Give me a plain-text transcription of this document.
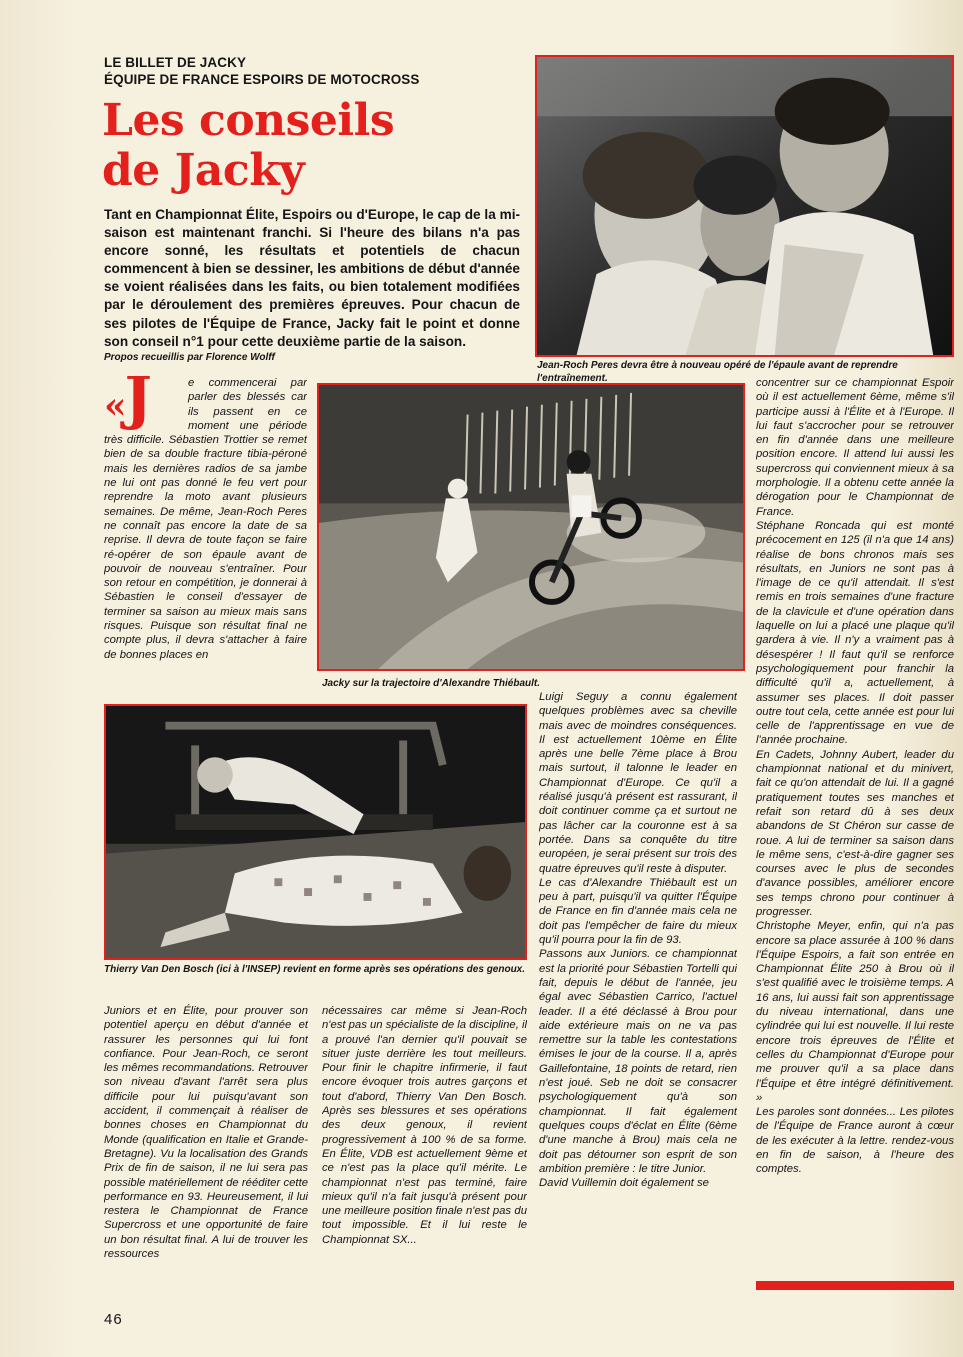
LE BILLET DE JACKY
ÉQUIPE DE FRANCE ESPOIRS DE MOTOCROSS
Les conseils
de Jacky

Tant en Championnat Élite, Espoirs ou d'Europe, le cap de la mi-saison est maintenant franchi. Si l'heure des bilans n'a pas encore sonné, les résultats et potentiels de chacun commencent à bien se dessiner, les ambitions de début d'année se voient réalisées dans les faits, ou bien totalement modifiées par le déroulement des premières épreuves. Pour chacun de ses pilotes de l'Équipe de France, Jacky fait le point et donne son conseil n°1 pour cette deuxième partie de la saison.

Propos recueillis par Florence Wolff

Jean-Roch Peres devra être à nouveau opéré de l'épaule avant de reprendre l'entraînement.

Jacky sur la trajectoire d'Alexandre Thiébault.

Thierry Van Den Bosch (ici à l'INSEP) revient en forme après ses opérations des genoux.

«J	e commencerai par parler des blessés car ils passent en ce moment une période très difficile. Sébastien Trottier se remet bien de sa double fracture tibia-péroné mais les dernières radios de sa jambe ne lui ont pas donné le feu vert pour reprendre la moto avant plusieurs semaines. De même, Jean-Roch Peres ne connaît pas encore la date de sa reprise. Il devra de toute façon se faire ré-opérer de son épaule avant de pouvoir de nouveau s'entraîner. Pour son retour en compétition, je donnerai à Sébastien le conseil d'essayer de terminer sa saison au mieux mais sans risques. Puisque son résultat final ne compte plus, il devra s'attacher à faire de bonnes places en

Juniors et en Élite, pour prouver son potentiel aperçu en début d'année et rassurer les personnes qui lui font confiance. Pour Jean-Roch, ce seront les mêmes recommandations. Retrouver son niveau d'avant l'arrêt sera plus difficile pour lui puisqu'avant son accident, il commençait à réaliser de bonnes choses en Championnat du Monde (qualification en Italie et Grande-Bretagne). Vu la localisation des Grands Prix de fin de saison, il ne lui sera pas possible matériellement de rééditer cette performance en 93. Heureusement, il lui restera le Championnat de France Supercross et une opportunité de faire un bon résultat final. A lui de trouver les ressources

nécessaires car même si Jean-Roch n'est pas un spécialiste de la discipline, il a prouvé l'an dernier qu'il pouvait se situer juste derrière les tout meilleurs. Pour finir le chapitre infirmerie, il faut encore évoquer trois autres garçons et tout d'abord, Thierry Van Den Bosch. Après ses blessures et ses opérations des deux genoux, il revient progressivement à 100 % de sa forme. En Élite, VDB est actuellement 9ème et ce n'est pas la place qu'il mérite. Le championnat n'est pas terminé, faire mieux qu'il n'a fait jusqu'à présent pour une meilleure position finale n'est pas du tout impossible. Et il lui reste le Championnat SX...

Luigi Seguy a connu également quelques problèmes avec sa cheville mais avec de moindres conséquences. Il est actuellement 10ème en Élite après une belle 7ème place à Brou mais surtout, il talonne le leader en Championnat d'Europe. Ce qu'il a réalisé jusqu'à présent est rassurant, il doit continuer comme ça et surtout ne pas lâcher car la couronne est à sa portée. Dans sa conquête du titre européen, je serai présent sur trois des quatre épreuves qu'il reste à disputer.

Le cas d'Alexandre Thiébault est un peu à part, puisqu'il va quitter l'Équipe de France en fin d'année mais cela ne doit pas l'empêcher de faire du mieux qu'il pourra pour la fin de 93.

Passons aux Juniors. ce championnat est la priorité pour Sébastien Tortelli qui fait, depuis le début de l'année, jeu égal avec Sébastien Carrico, l'actuel leader. Il a été déclassé à Brou pour aide extérieure mais on ne va pas remettre sur la table les contestations émises le jour de la course. Il a, après Gaillefontaine, 18 points de retard, rien n'est joué. Seb ne doit se consacrer psychologiquement qu'à son championnat. Il fait également quelques coups d'éclat en Élite (6ème d'une manche à Brou) mais cela ne doit pas détourner son esprit de son ambition première : le titre Junior.

David Vuillemin doit également se

concentrer sur ce championnat Espoir où il est actuellement 6ème, même s'il participe aussi à l'Élite et à l'Europe. Il lui faut s'accrocher pour se retrouver en fin d'année dans une meilleure position encore. Il attend lui aussi les supercross qui conviennent mieux à sa morphologie. Il a obtenu cette année la dérogation pour le Championnat de France.

Stéphane Roncada qui est monté précocement en 125 (il n'a que 14 ans) réalise de bons chronos mais ses résultats, en Juniors ne sont pas à l'image de ce qu'il attendait. Il s'est remis en trois semaines d'une fracture de la clavicule et d'une opération dans laquelle on lui a placé une plaque qu'il gardera à vie. Il n'y a vraiment pas à désespérer ! Il faut qu'il se renforce psychologiquement pour franchir la difficulté qu'il a, actuellement, à assumer ses places. Il doit passer outre tout cela, cette année est pour lui celle de l'apprentissage en vue de l'année prochaine.

En Cadets, Johnny Aubert, leader du championnat national et du minivert, fait ce qu'on attendait de lui. Il a gagné pratiquement toutes ses manches et refait son retard dû à ses deux abandons de St Chéron sur casse de roue. A lui de terminer sa saison dans le même sens, c'est-à-dire gagner ses courses avec le plus de secondes d'avance possibles, améliorer encore ses temps chrono pour continuer à progresser.

Christophe Meyer, enfin, qui n'a pas encore sa place assurée à 100 % dans l'Équipe Espoirs, a fait son entrée en Championnat Élite 250 à Brou où il s'est qualifié avec le troisième temps. A 16 ans, lui aussi fait son apprentissage du niveau international, dans une cylindrée qui lui est nouvelle. Il lui reste encore trois épreuves de l'Élite et celles du Championnat d'Europe pour me prouver qu'il a sa place dans l'Équipe et être intégré définitivement. »

Les paroles sont données... Les pilotes de l'Équipe de France auront à cœur de les exécuter à la lettre. rendez-vous en fin de saison, à l'heure des comptes.

46
